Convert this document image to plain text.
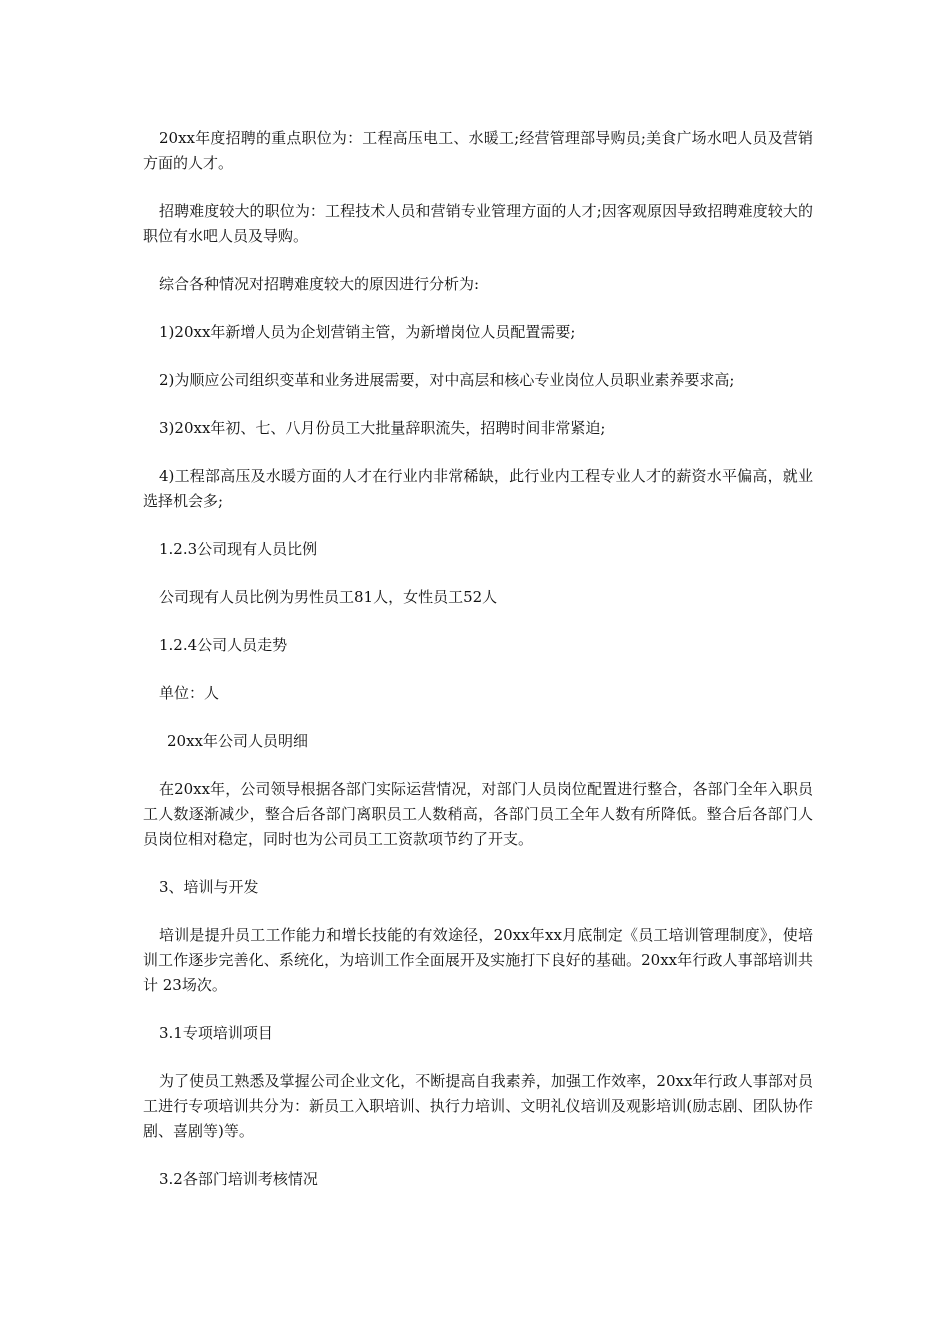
20xx年度招聘的重点职位为：工程高压电工、水暖工;经营管理部导购员;美食广场水吧人员及营销方面的人才。

招聘难度较大的职位为：工程技术人员和营销专业管理方面的人才;因客观原因导致招聘难度较大的职位有水吧人员及导购。

综合各种情况对招聘难度较大的原因进行分析为:

1)20xx年新增人员为企划营销主管，为新增岗位人员配置需要;

2)为顺应公司组织变革和业务进展需要，对中高层和核心专业岗位人员职业素养要求高;

3)20xx年初、七、八月份员工大批量辞职流失，招聘时间非常紧迫;

4)工程部高压及水暖方面的人才在行业内非常稀缺，此行业内工程专业人才的薪资水平偏高，就业选择机会多;

1.2.3公司现有人员比例

公司现有人员比例为男性员工81人，女性员工52人

1.2.4公司人员走势

单位：人

20xx年公司人员明细

在20xx年，公司领导根据各部门实际运营情况，对部门人员岗位配置进行整合，各部门全年入职员工人数逐渐减少，整合后各部门离职员工人数稍高，各部门员工全年人数有所降低。整合后各部门人员岗位相对稳定，同时也为公司员工工资款项节约了开支。

3、培训与开发

培训是提升员工工作能力和增长技能的有效途径，20xx年xx月底制定《员工培训管理制度》，使培训工作逐步完善化、系统化，为培训工作全面展开及实施打下良好的基础。20xx年行政人事部培训共计 23场次。

3.1专项培训项目

为了使员工熟悉及掌握公司企业文化，不断提高自我素养，加强工作效率，20xx年行政人事部对员工进行专项培训共分为：新员工入职培训、执行力培训、文明礼仪培训及观影培训(励志剧、团队协作剧、喜剧等)等。

3.2各部门培训考核情况
